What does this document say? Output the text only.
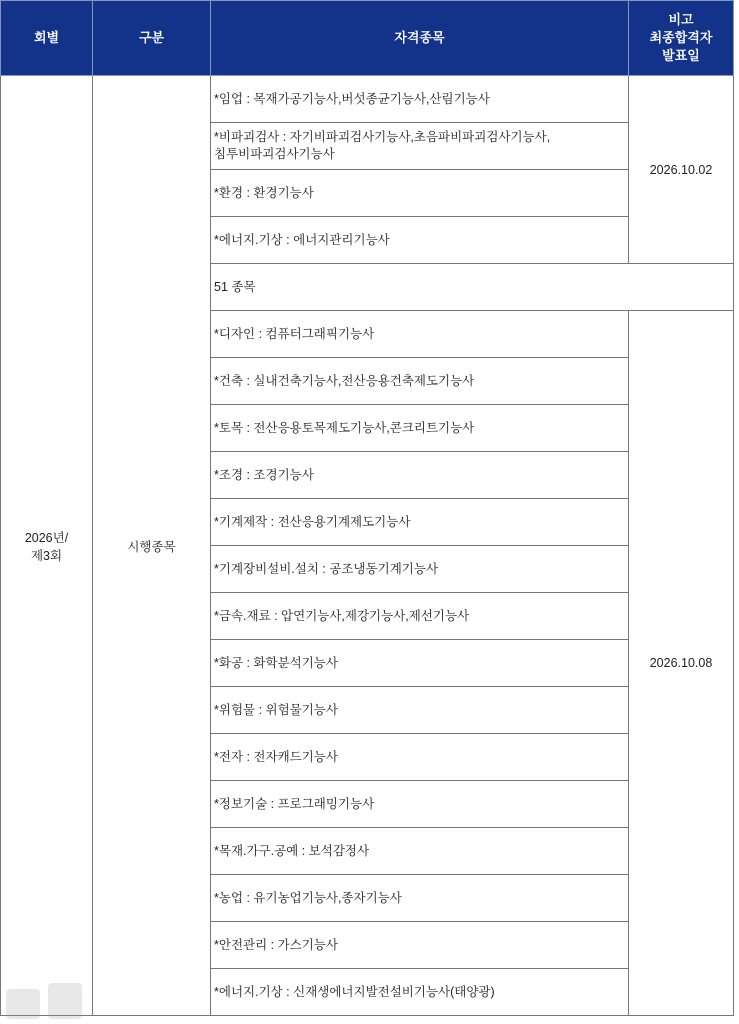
회별	구분	자격종목	비고
최종합격자
발표일

2026년/
제3회	시행종목	*임업 : 목재가공기능사,버섯종균기능사,산림기능사	2026.10.02
		*비파괴검사 : 자기비파괴검사기능사,초음파비파괴검사기능사,침투비파괴검사기능사	
		*환경 : 환경기능사	
		*에너지.기상 : 에너지관리기능사	
		51 종목	
		*디자인 : 컴퓨터그래픽기능사	2026.10.08
		*건축 : 실내건축기능사,전산응용건축제도기능사	
		*토목 : 전산응용토목제도기능사,콘크리트기능사	
		*조경 : 조경기능사	
		*기계제작 : 전산응용기계제도기능사	
		*기계장비설비.설치 : 공조냉동기계기능사	
		*금속.재료 : 압연기능사,제강기능사,제선기능사	
		*화공 : 화학분석기능사	
		*위험물 : 위험물기능사	
		*전자 : 전자캐드기능사	
		*정보기술 : 프로그래밍기능사	
		*목재.가구.공예 : 보석감정사	
		*농업 : 유기농업기능사,종자기능사	
		*안전관리 : 가스기능사	
		*에너지.기상 : 신재생에너지발전설비기능사(태양광)	
